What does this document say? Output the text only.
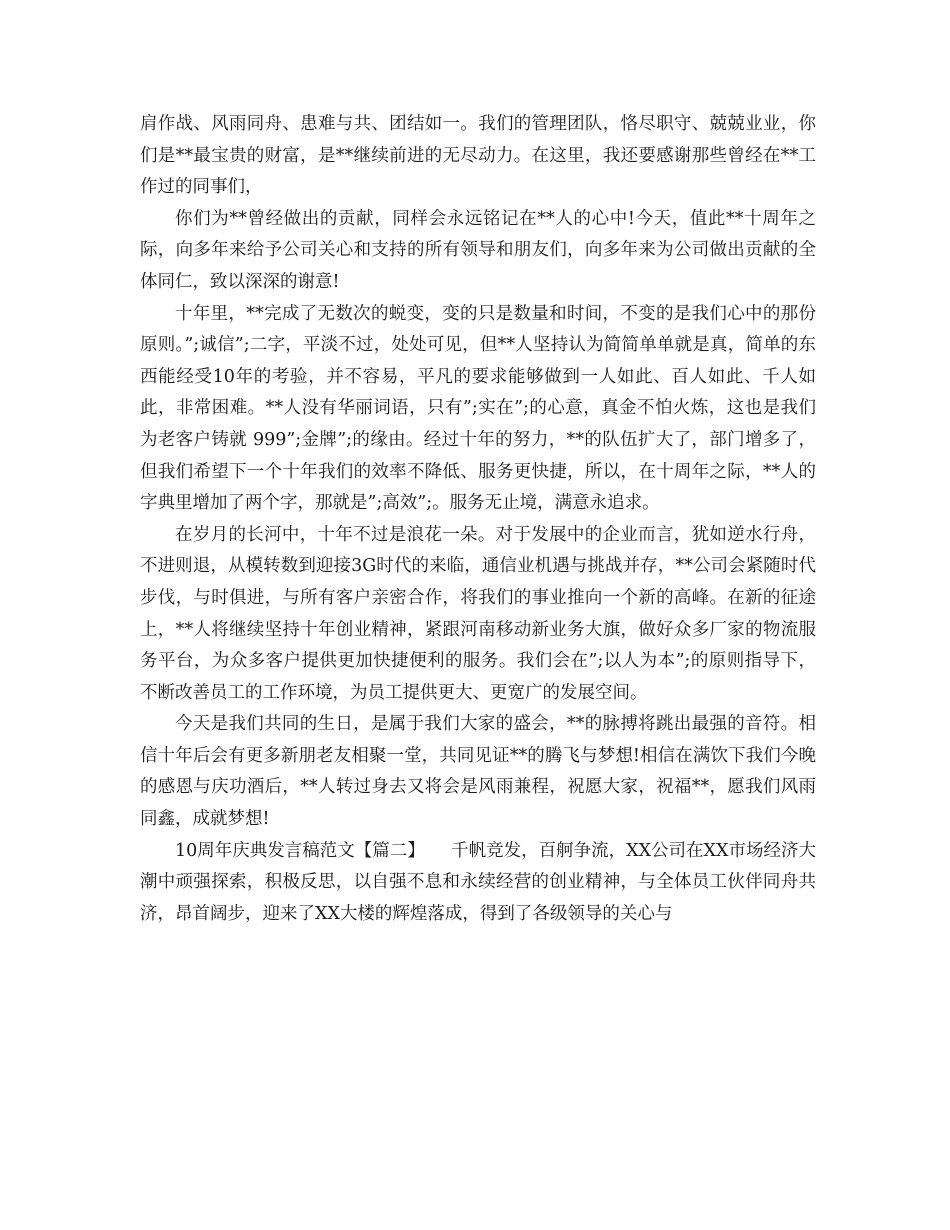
肩作战、风雨同舟、患难与共、团结如一。我们的管理团队，恪尽职守、兢兢业业，你们是**最宝贵的财富，是**继续前进的无尽动力。在这里，我还要感谢那些曾经在**工作过的同事们，

你们为**曾经做出的贡献，同样会永远铭记在**人的心中!今天，值此**十周年之际，向多年来给予公司关心和支持的所有领导和朋友们，向多年来为公司做出贡献的全体同仁，致以深深的谢意!

十年里，**完成了无数次的蜕变，变的只是数量和时间，不变的是我们心中的那份原则。”;诚信”;二字，平淡不过，处处可见，但**人坚持认为简简单单就是真，简单的东西能经受10年的考验，并不容易，平凡的要求能够做到一人如此、百人如此、千人如此，非常困难。**人没有华丽词语，只有”;实在”;的心意，真金不怕火炼，这也是我们为老客户铸就 999”;金牌”;的缘由。经过十年的努力，**的队伍扩大了，部门增多了，但我们希望下一个十年我们的效率不降低、服务更快捷，所以，在十周年之际，**人的字典里增加了两个字，那就是”;高效”;。服务无止境，满意永追求。

在岁月的长河中，十年不过是浪花一朵。对于发展中的企业而言，犹如逆水行舟，不进则退，从模转数到迎接3G时代的来临，通信业机遇与挑战并存，**公司会紧随时代步伐，与时俱进，与所有客户亲密合作，将我们的事业推向一个新的高峰。在新的征途上，**人将继续坚持十年创业精神，紧跟河南移动新业务大旗，做好众多厂家的物流服务平台，为众多客户提供更加快捷便利的服务。我们会在”;以人为本”;的原则指导下，不断改善员工的工作环境，为员工提供更大、更宽广的发展空间。

今天是我们共同的生日，是属于我们大家的盛会，**的脉搏将跳出最强的音符。相信十年后会有更多新朋老友相聚一堂，共同见证**的腾飞与梦想!相信在满饮下我们今晚的感恩与庆功酒后，**人转过身去又将会是风雨兼程，祝愿大家，祝福**，愿我们风雨同鑫，成就梦想!

10周年庆典发言稿范文【篇二】　　千帆竞发，百舸争流，XX公司在XX市场经济大潮中顽强探索，积极反思，以自强不息和永续经营的创业精神，与全体员工伙伴同舟共济，昂首阔步，迎来了XX大楼的辉煌落成，得到了各级领导的关心与
